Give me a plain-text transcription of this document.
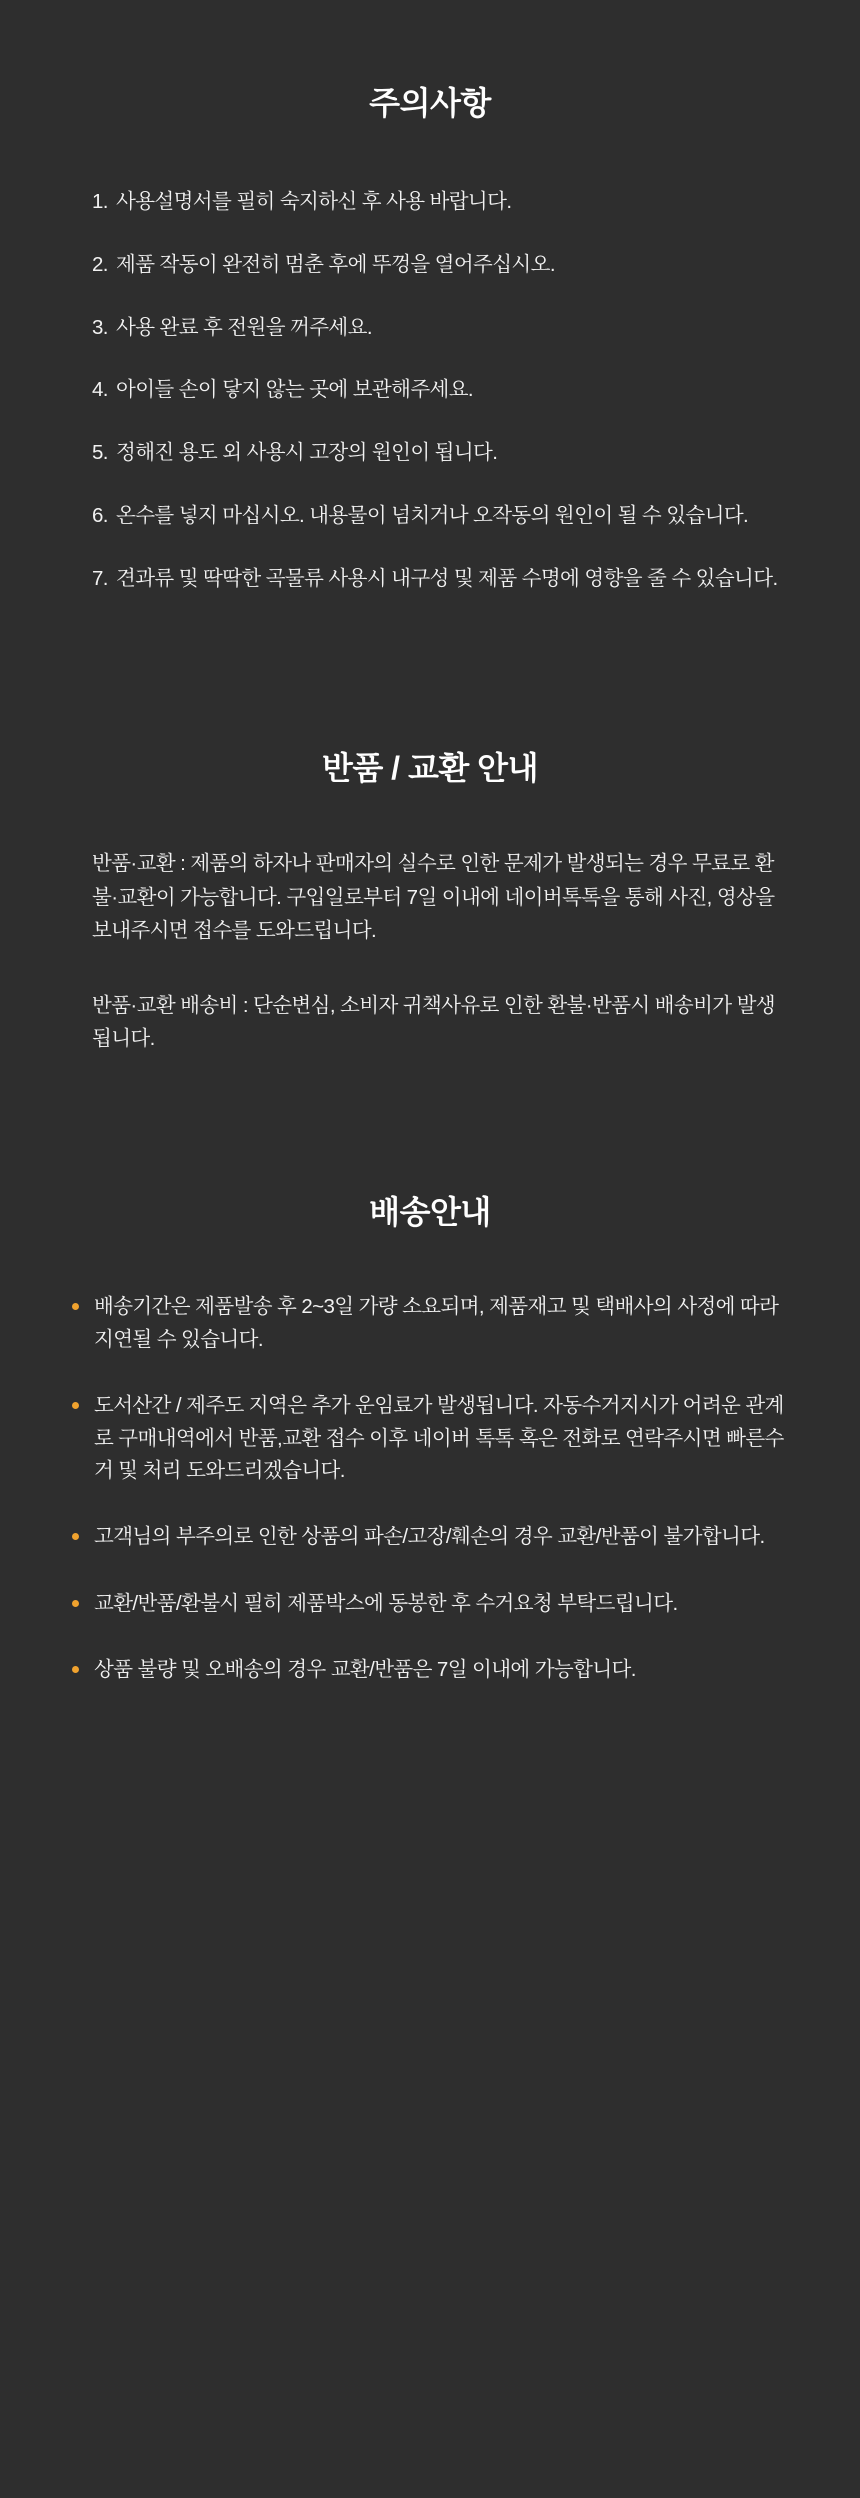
주의사항
1. 사용설명서를 필히 숙지하신 후 사용 바랍니다.
2. 제품 작동이 완전히 멈춘 후에 뚜껑을 열어주십시오.
3. 사용 완료 후 전원을 꺼주세요.
4. 아이들 손이 닿지 않는 곳에 보관해주세요.
5. 정해진 용도 외 사용시 고장의 원인이 됩니다.
6. 온수를 넣지 마십시오. 내용물이 넘치거나 오작동의 원인이 될 수 있습니다.
7. 견과류 및 딱딱한 곡물류 사용시 내구성 및 제품 수명에 영향을 줄 수 있습니다.
반품 / 교환 안내

반품·교환 : 제품의 하자나 판매자의 실수로 인한 문제가 발생되는 경우 무료로 환불·교환이 가능합니다. 구입일로부터 7일 이내에 네이버톡톡을 통해 사진, 영상을 보내주시면 접수를 도와드립니다.

반품·교환 배송비 : 단순변심, 소비자 귀책사유로 인한 환불·반품시 배송비가 발생됩니다.

배송안내
배송기간은 제품발송 후 2~3일 가량 소요되며, 제품재고 및 택배사의 사정에 따라 지연될 수 있습니다.
도서산간 / 제주도 지역은 추가 운임료가 발생됩니다. 자동수거지시가 어려운 관계로 구매내역에서 반품,교환 접수 이후 네이버 톡톡 혹은 전화로 연락주시면 빠른수거 및 처리 도와드리겠습니다.
고객님의 부주의로 인한 상품의 파손/고장/훼손의 경우 교환/반품이 불가합니다.
교환/반품/환불시 필히 제품박스에 동봉한 후 수거요청 부탁드립니다.
상품 불량 및 오배송의 경우 교환/반품은 7일 이내에 가능합니다.
